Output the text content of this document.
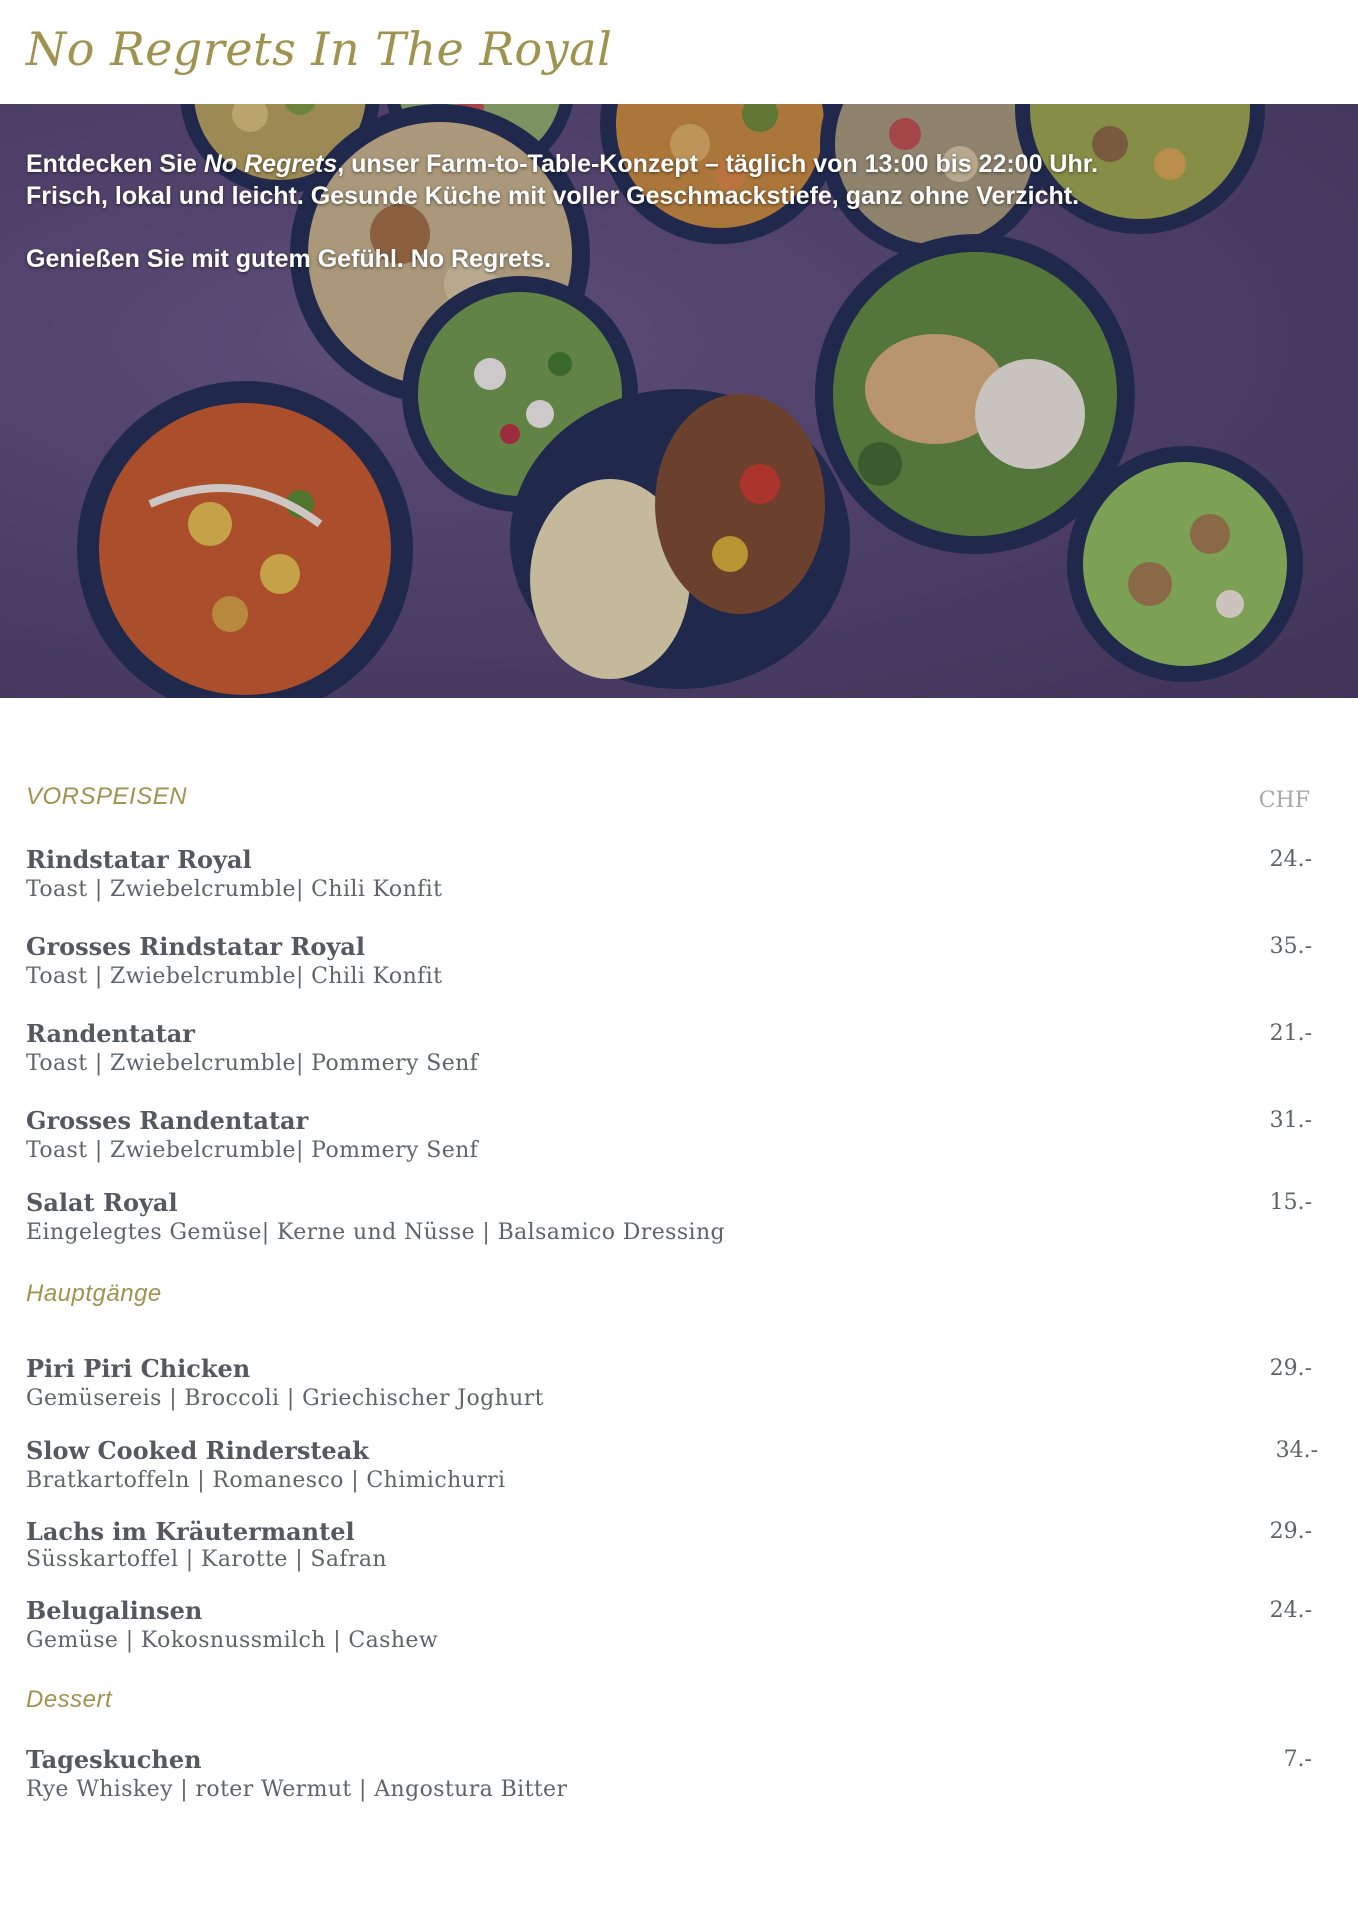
No Regrets In The Royal

Entdecken Sie No Regrets, unser Farm-to-Table-Konzept – täglich von 13:00 bis 22:00 Uhr.

Frisch, lokal und leicht. Gesunde Küche mit voller Geschmackstiefe, ganz ohne Verzicht.

Genießen Sie mit gutem Gefühl. No Regrets.

VORSPEISEN	CHF
Rindstatar Royal
Toast | Zwiebelcrumble| Chili Konfit
24.-
Grosses Rindstatar Royal
Toast | Zwiebelcrumble| Chili Konfit
35.-
Randentatar
Toast | Zwiebelcrumble| Pommery Senf
21.-
Grosses Randentatar
Toast | Zwiebelcrumble| Pommery Senf
31.-
Salat Royal
Eingelegtes Gemüse| Kerne und Nüsse | Balsamico Dressing
15.-
Hauptgänge
Piri Piri Chicken
Gemüsereis | Broccoli | Griechischer Joghurt
29.-
Slow Cooked Rindersteak
Bratkartoffeln | Romanesco | Chimichurri
34.-
Lachs im Kräutermantel
Süsskartoffel | Karotte | Safran
29.-
Belugalinsen
Gemüse | Kokosnussmilch | Cashew
24.-
Dessert
Tageskuchen
Rye Whiskey | roter Wermut | Angostura Bitter
7.-
